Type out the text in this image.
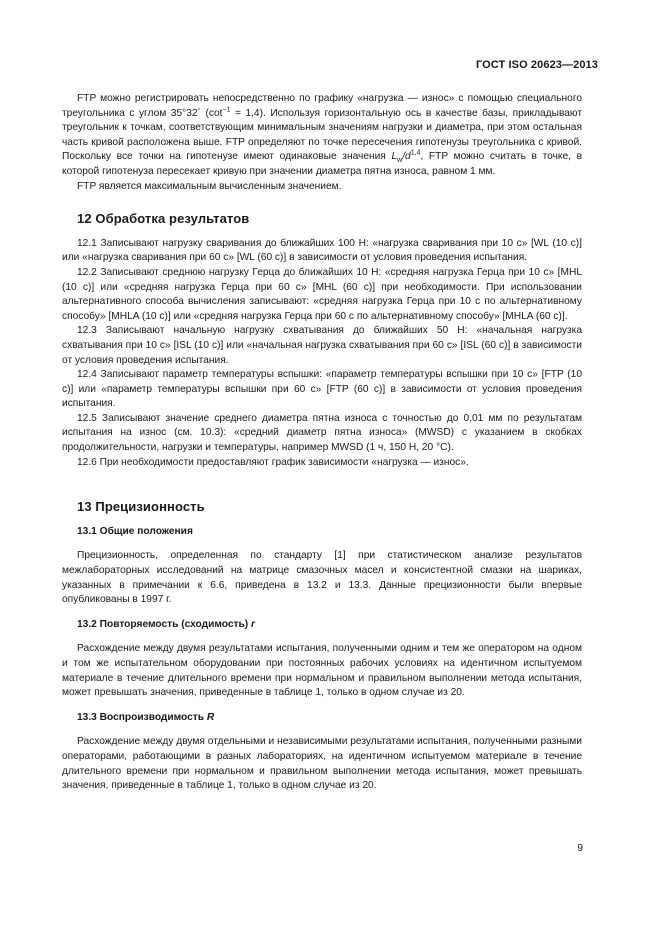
ГОСТ ISO 20623—2013

FTP можно регистрировать непосредственно по графику «нагрузка — износ» с помощью специального треугольника с углом 35°32´ $(\cot^{-1} = 1,4)$. Используя горизонтальную ось в качестве базы, прикладывают треугольник к точкам, соответствующим минимальным значениям нагрузки и диаметра, при этом остальная часть кривой расположена выше. FTP определяют по точке пересечения гипотенузы треугольника с кривой. Поскольку все точки на гипотенузе имеют одинаковые значения $L_w/d^{1,4}$, FTP можно считать в точке, в которой гипотенуза пересекает кривую при значении диаметра пятна износа, равном 1 мм.

FTP является максимальным вычисленным значением.

12 Обработка результатов

12.1 Записывают нагрузку сваривания до ближайших 100 Н: «нагрузка сваривания при 10 с» [WL (10 с)] или «нагрузка сваривания при 60 с» [WL (60 с)] в зависимости от условия проведения испытания.

12.2 Записывают среднюю нагрузку Герца до ближайших 10 Н: «средняя нагрузка Герца при 10 с» [MHL (10 с)] или «средняя нагрузка Герца при 60 с» [MHL (60 с)] при необходимости. При использовании альтернативного способа вычисления записывают: «средняя нагрузка Герца при 10 с по альтернативному способу» [MHLA (10 с)] или «средняя нагрузка Герца при 60 с по альтернативному способу» [MHLA (60 с)].

12.3 Записывают начальную нагрузку схватывания до ближайших 50 Н: «начальная нагрузка схватывания при 10 с» [ISL (10 с)] или «начальная нагрузка схватывания при 60 с» [ISL (60 с)] в зависимости от условия проведения испытания.

12.4 Записывают параметр температуры вспышки: «параметр температуры вспышки при 10 с» [FTP (10 с)] или «параметр температуры вспышки при 60 с» [FTP (60 с)] в зависимости от условия проведения испытания.

12.5 Записывают значение среднего диаметра пятна износа с точностью до 0,01 мм по результатам испытания на износ (см. 10.3): «средний диаметр пятна износа» (MWSD) с указанием в скобках продолжительности, нагрузки и температуры, например MWSD (1 ч, 150 Н, 20 °C).

12.6 При необходимости предоставляют график зависимости «нагрузка — износ».

13 Прецизионность
13.1 Общие положения

Прецизионность, определенная по стандарту [1] при статистическом анализе результатов межлабораторных исследований на матрице смазочных масел и консистентной смазки на шариках, указанных в примечании к 6.6, приведена в 13.2 и 13.3. Данные прецизионности были впервые опубликованы в 1997 г.

13.2 Повторяемость (сходимость) r

Расхождение между двумя результатами испытания, полученными одним и тем же оператором на одном и том же испытательном оборудовании при постоянных рабочих условиях на идентичном испытуемом материале в течение длительного времени при нормальном и правильном выполнении метода испытания, может превышать значения, приведенные в таблице 1, только в одном случае из 20.

13.3 Воспроизводимость R

Расхождение между двумя отдельными и независимыми результатами испытания, полученными разными операторами, работающими в разных лабораториях, на идентичном испытуемом материале в течение длительного времени при нормальном и правильном выполнении метода испытания, может превышать значения, приведенные в таблице 1, только в одном случае из 20.

9
